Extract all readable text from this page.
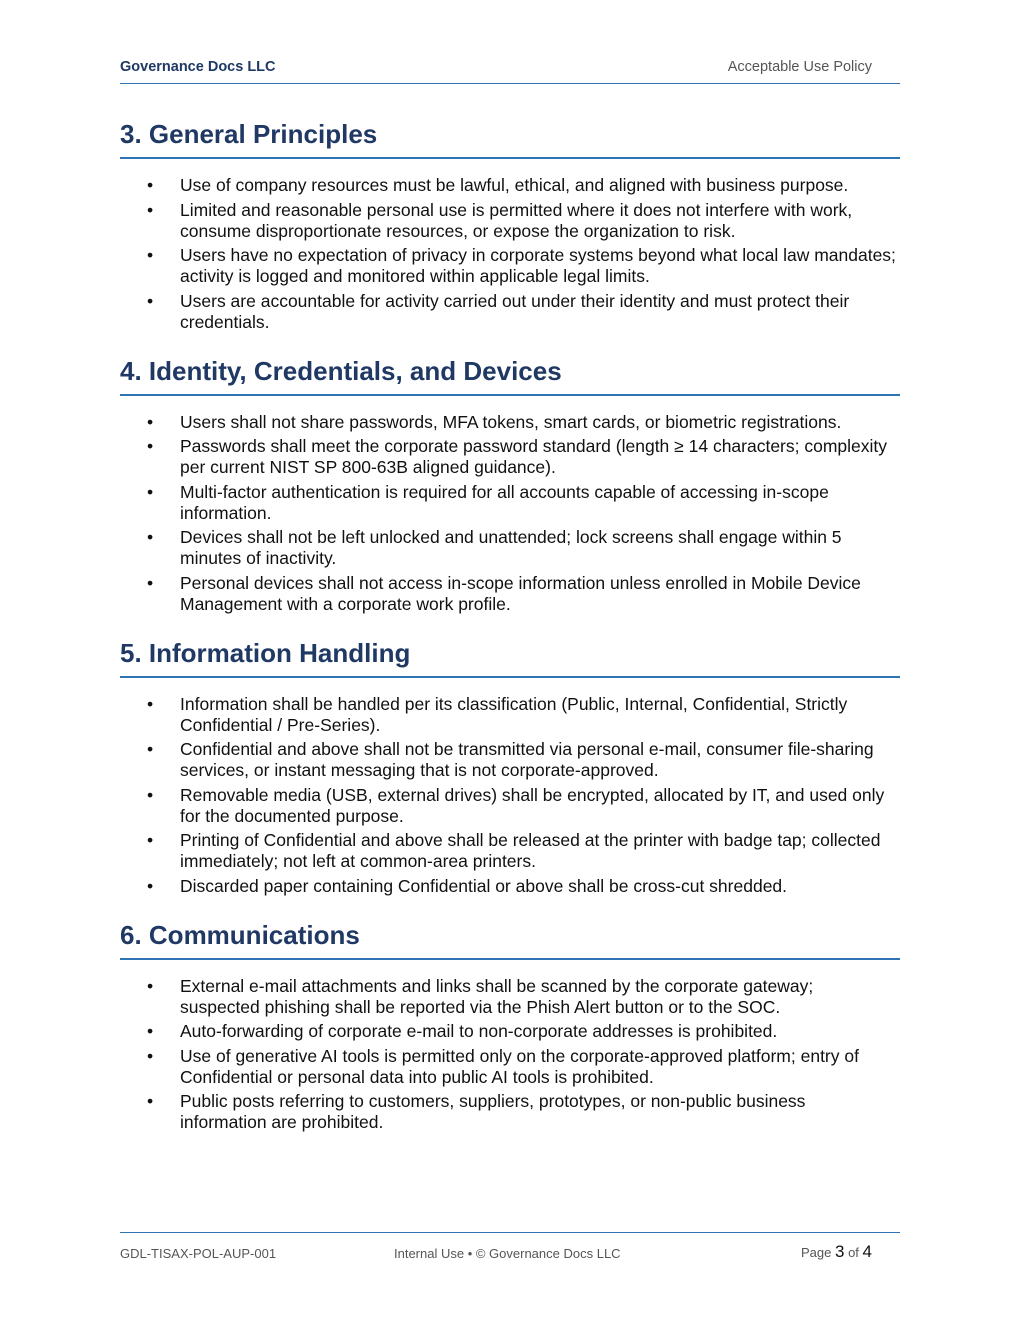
Governance Docs LLC	Acceptable Use Policy
3. General Principles
• Use of company resources must be lawful, ethical, and aligned with business purpose.
• Limited and reasonable personal use is permitted where it does not interfere with work, consume disproportionate resources, or expose the organization to risk.
• Users have no expectation of privacy in corporate systems beyond what local law mandates; activity is logged and monitored within applicable legal limits.
• Users are accountable for activity carried out under their identity and must protect their credentials.
4. Identity, Credentials, and Devices
• Users shall not share passwords, MFA tokens, smart cards, or biometric registrations.
• Passwords shall meet the corporate password standard (length ≥ 14 characters; complexity per current NIST SP 800-63B aligned guidance).
• Multi-factor authentication is required for all accounts capable of accessing in-scope information.
• Devices shall not be left unlocked and unattended; lock screens shall engage within 5 minutes of inactivity.
• Personal devices shall not access in-scope information unless enrolled in Mobile Device Management with a corporate work profile.
5. Information Handling
• Information shall be handled per its classification (Public, Internal, Confidential, Strictly Confidential / Pre-Series).
• Confidential and above shall not be transmitted via personal e-mail, consumer file-sharing services, or instant messaging that is not corporate-approved.
• Removable media (USB, external drives) shall be encrypted, allocated by IT, and used only for the documented purpose.
• Printing of Confidential and above shall be released at the printer with badge tap; collected immediately; not left at common-area printers.
• Discarded paper containing Confidential or above shall be cross-cut shredded.
6. Communications
• External e-mail attachments and links shall be scanned by the corporate gateway; suspected phishing shall be reported via the Phish Alert button or to the SOC.
• Auto-forwarding of corporate e-mail to non-corporate addresses is prohibited.
• Use of generative AI tools is permitted only on the corporate-approved platform; entry of Confidential or personal data into public AI tools is prohibited.
• Public posts referring to customers, suppliers, prototypes, or non-public business information are prohibited.
GDL-TISAX-POL-AUP-001	Internal Use • © Governance Docs LLC	Page 3 of 4
